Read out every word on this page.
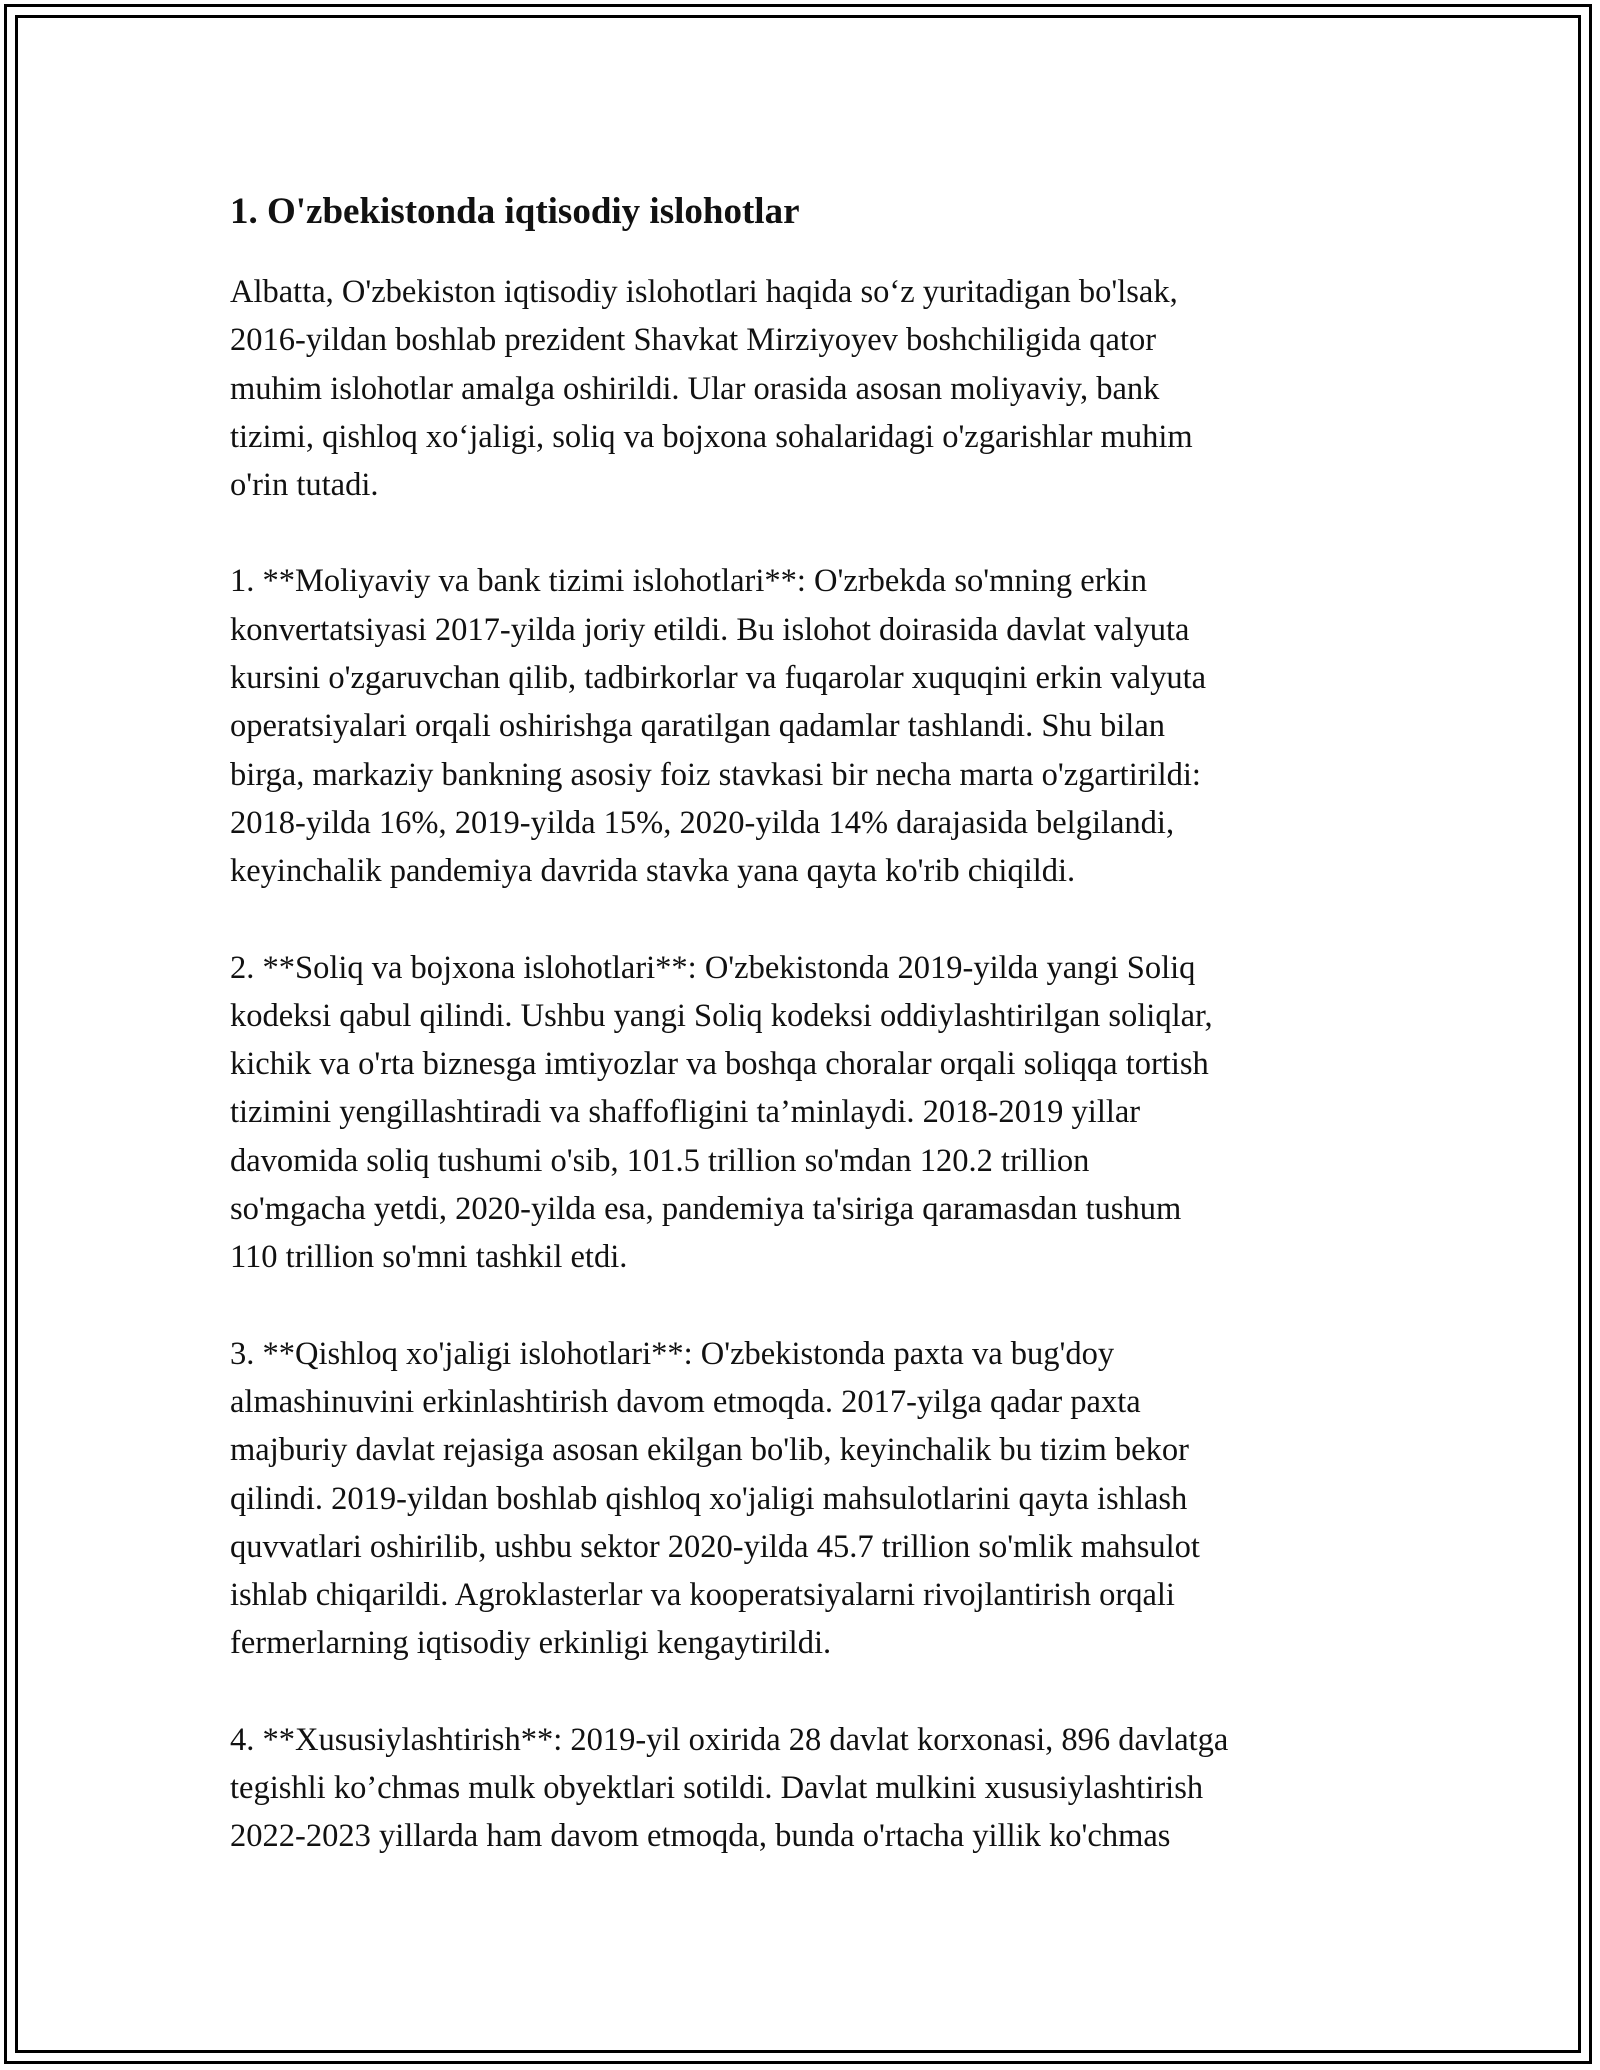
1. O'zbekistonda iqtisodiy islohotlar

Albatta, O'zbekiston iqtisodiy islohotlari haqida so‘z yuritadigan bo'lsak,
2016-yildan boshlab prezident Shavkat Mirziyoyev boshchiligida qator
muhim islohotlar amalga oshirildi. Ular orasida asosan moliyaviy, bank
tizimi, qishloq xo‘jaligi, soliq va bojxona sohalaridagi o'zgarishlar muhim
o'rin tutadi.

1. **Moliyaviy va bank tizimi islohotlari**: O'zrbekda so'mning erkin
konvertatsiyasi 2017-yilda joriy etildi. Bu islohot doirasida davlat valyuta
kursini o'zgaruvchan qilib, tadbirkorlar va fuqarolar xuquqini erkin valyuta
operatsiyalari orqali oshirishga qaratilgan qadamlar tashlandi. Shu bilan
birga, markaziy bankning asosiy foiz stavkasi bir necha marta o'zgartirildi:
2018-yilda 16%, 2019-yilda 15%, 2020-yilda 14% darajasida belgilandi,
keyinchalik pandemiya davrida stavka yana qayta ko'rib chiqildi.

2. **Soliq va bojxona islohotlari**: O'zbekistonda 2019-yilda yangi Soliq
kodeksi qabul qilindi. Ushbu yangi Soliq kodeksi oddiylashtirilgan soliqlar,
kichik va o'rta biznesga imtiyozlar va boshqa choralar orqali soliqqa tortish
tizimini yengillashtiradi va shaffofligini ta’minlaydi. 2018-2019 yillar
davomida soliq tushumi o'sib, 101.5 trillion so'mdan 120.2 trillion
so'mgacha yetdi, 2020-yilda esa, pandemiya ta'siriga qaramasdan tushum
110 trillion so'mni tashkil etdi.

3. **Qishloq xo'jaligi islohotlari**: O'zbekistonda paxta va bug'doy
almashinuvini erkinlashtirish davom etmoqda. 2017-yilga qadar paxta
majburiy davlat rejasiga asosan ekilgan bo'lib, keyinchalik bu tizim bekor
qilindi. 2019-yildan boshlab qishloq xo'jaligi mahsulotlarini qayta ishlash
quvvatlari oshirilib, ushbu sektor 2020-yilda 45.7 trillion so'mlik mahsulot
ishlab chiqarildi. Agroklasterlar va kooperatsiyalarni rivojlantirish orqali
fermerlarning iqtisodiy erkinligi kengaytirildi.

4. **Xususiylashtirish**: 2019-yil oxirida 28 davlat korxonasi, 896 davlatga
tegishli ko’chmas mulk obyektlari sotildi. Davlat mulkini xususiylashtirish
2022-2023 yillarda ham davom etmoqda, bunda o'rtacha yillik ko'chmas
